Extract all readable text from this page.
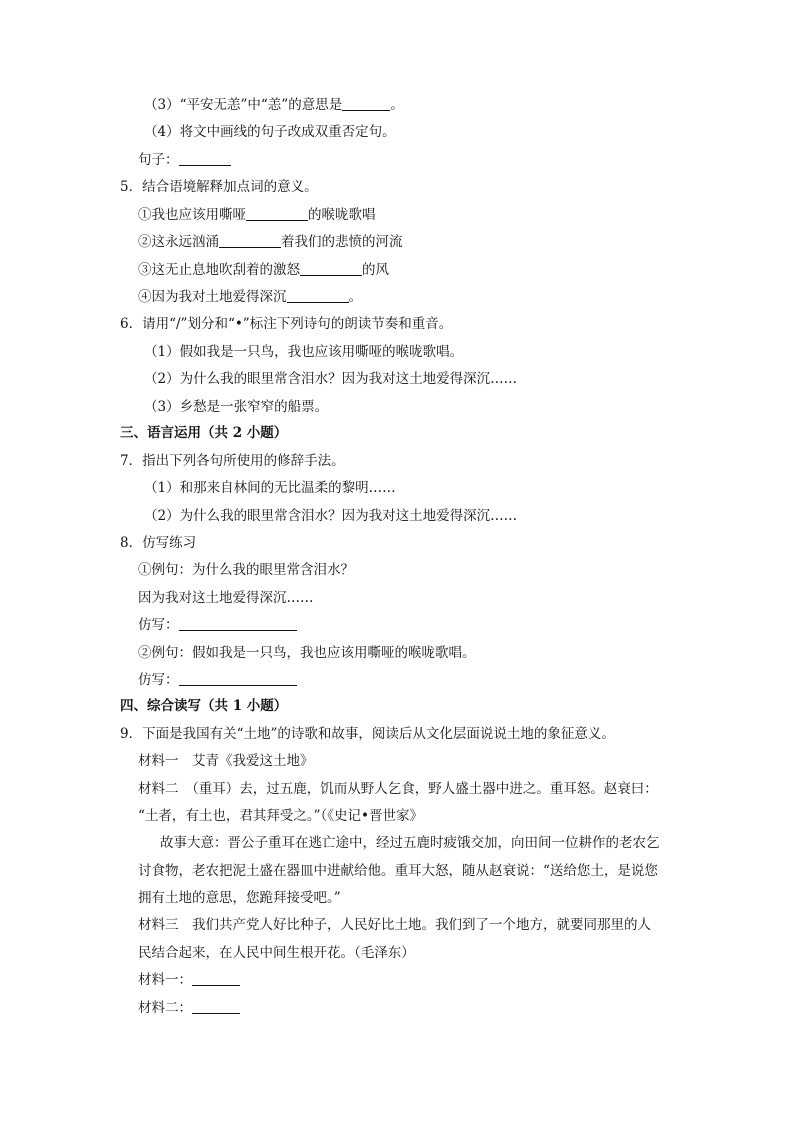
（3）“平安无恙”中“恙”的意思是	。
（4）将文中画线的句子改成双重否定句。
句子：
5．结合语境解释加点词的意义。
①我也应该用嘶哑	的喉咙歌唱
②这永远汹涌	着我们的悲愤的河流
③这无止息地吹刮着的激怒	的风
④因为我对土地爱得深沉	。
6．请用“/”划分和“•”标注下列诗句的朗读节奏和重音。
（1）假如我是一只鸟，我也应该用嘶哑的喉咙歌唱。
（2）为什么我的眼里常含泪水？因为我对这土地爱得深沉……
（3）乡愁是一张窄窄的船票。
三、语言运用（共 2 小题）
7．指出下列各句所使用的修辞手法。
（1）和那来自林间的无比温柔的黎明……
（2）为什么我的眼里常含泪水？因为我对这土地爱得深沉……
8．仿写练习
①例句：为什么我的眼里常含泪水？
因为我对这土地爱得深沉……
仿写：
②例句：假如我是一只鸟，我也应该用嘶哑的喉咙歌唱。
仿写：
四、综合读写（共 1 小题）
9．下面是我国有关“土地”的诗歌和故事，阅读后从文化层面说说土地的象征意义。
材料一　艾青《我爱这土地》
材料二　（重耳）去，过五鹿，饥而从野人乞食，野人盛土器中进之。重耳怒。赵衰曰：
“土者，有土也，君其拜受之。”（《史记•晋世家》
故事大意：晋公子重耳在逃亡途中，经过五鹿时疲饿交加，向田间一位耕作的老农乞
讨食物，老农把泥土盛在器皿中进献给他。重耳大怒，随从赵衰说：“送给您土，是说您
拥有土地的意思，您跪拜接受吧。”
材料三　我们共产党人好比种子，人民好比土地。我们到了一个地方，就要同那里的人
民结合起来，在人民中间生根开花。（毛泽东）
材料一：
材料二：
